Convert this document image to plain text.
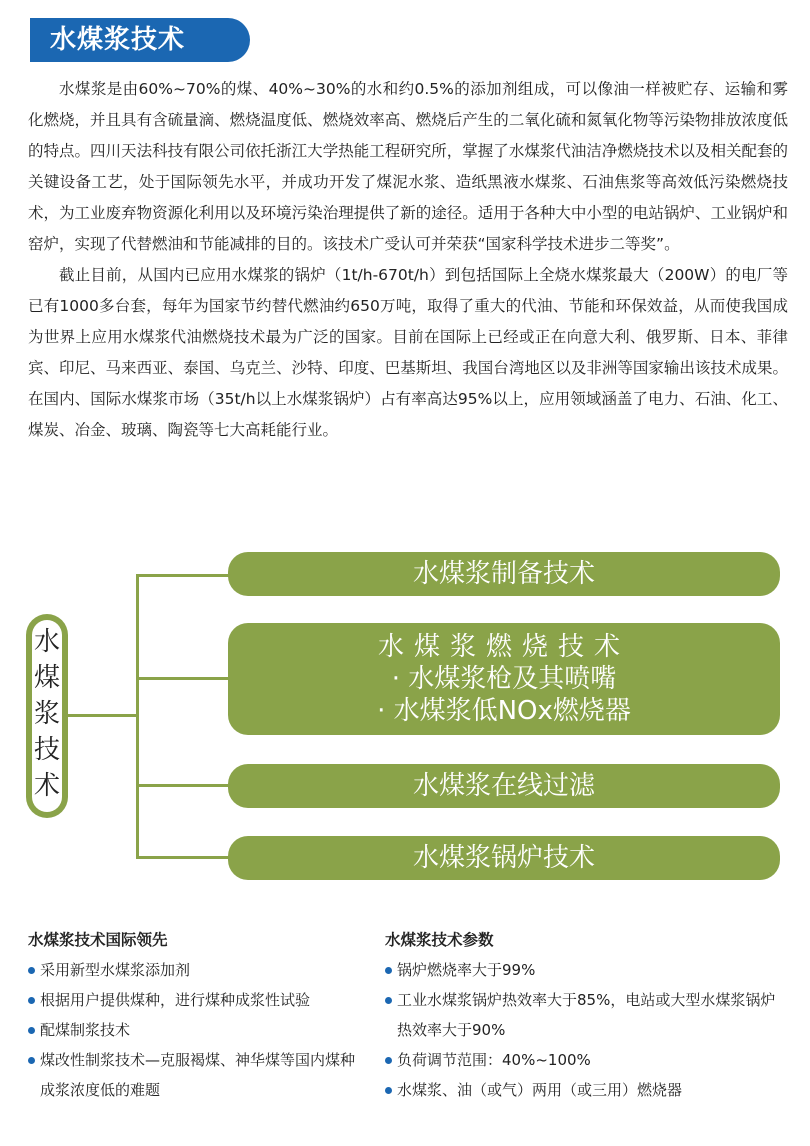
水煤浆技术

水煤浆是由60%~70%的煤、40%~30%的水和约0.5%的添加剂组成，可以像油一样被贮存、运输和雾化燃烧，并且具有含硫量滴、燃烧温度低、燃烧效率高、燃烧后产生的二氧化硫和氮氧化物等污染物排放浓度低的特点。四川天法科技有限公司依托浙江大学热能工程研究所，掌握了水煤浆代油洁净燃烧技术以及相关配套的关键设备工艺，处于国际领先水平，并成功开发了煤泥水浆、造纸黑液水煤浆、石油焦浆等高效低污染燃烧技术，为工业废弃物资源化利用以及环境污染治理提供了新的途径。适用于各种大中小型的电站锅炉、工业锅炉和窑炉，实现了代替燃油和节能减排的目的。该技术广受认可并荣获“国家科学技术进步二等奖”。

截止目前，从国内已应用水煤浆的锅炉（1t/h-670t/h）到包括国际上全烧水煤浆最大（200W）的电厂等已有1000多台套，每年为国家节约替代燃油约650万吨，取得了重大的代油、节能和环保效益，从而使我国成为世界上应用水煤浆代油燃烧技术最为广泛的国家。目前在国际上已经或正在向意大利、俄罗斯、日本、菲律宾、印尼、马来西亚、泰国、乌克兰、沙特、印度、巴基斯坦、我国台湾地区以及非洲等国家输出该技术成果。在国内、国际水煤浆市场（35t/h以上水煤浆锅炉）占有率高达95%以上，应用领域涵盖了电力、石油、化工、煤炭、冶金、玻璃、陶瓷等七大高耗能行业。

水
煤
浆
技
术
水煤浆制备技术
水煤浆燃烧技术
· 水煤浆枪及其喷嘴
· 水煤浆低NOx燃烧器
水煤浆在线过滤
水煤浆锅炉技术
水煤浆技术国际领先
采用新型水煤浆添加剂
根据用户提供煤种，进行煤种成浆性试验
配煤制浆技术
煤改性制浆技术—克服褐煤、神华煤等国内煤种成浆浓度低的难题
水煤浆技术参数
锅炉燃烧率大于99%
工业水煤浆锅炉热效率大于85%，电站或大型水煤浆锅炉热效率大于90%
负荷调节范围：40%~100%
水煤浆、油（或气）两用（或三用）燃烧器
